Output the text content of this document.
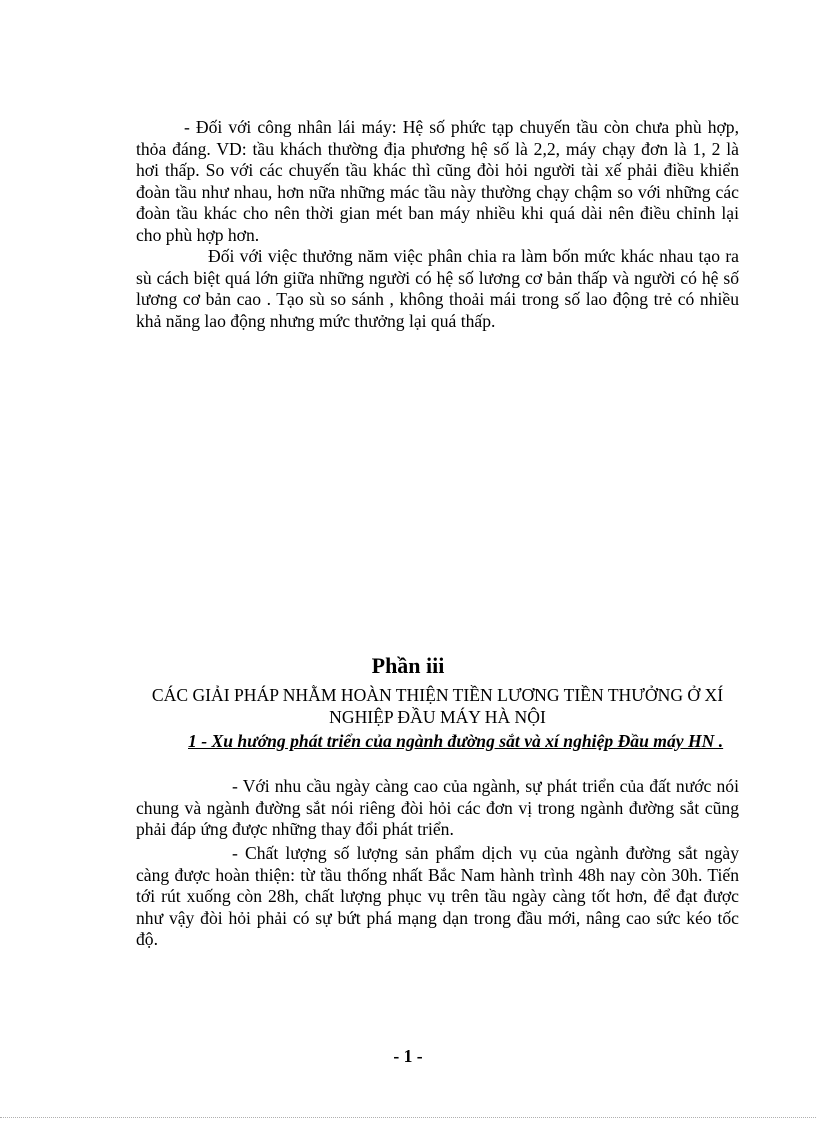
- Đối với công nhân lái máy: Hệ số phức tạp chuyến tầu còn chưa phù hợp, thỏa đáng. VD: tầu khách thường địa phương hệ số là 2,2, máy chạy đơn là 1, 2 là hơi thấp. So với các chuyến tầu khác thì cũng đòi hỏi người tài xế phải điều khiển đoàn tầu như nhau, hơn nữa những mác tầu này thường chạy chậm so với những các đoàn tầu khác cho nên thời gian mét ban máy nhiều khi quá dài nên điều chỉnh lại cho phù hợp hơn.

Đối với việc thưởng năm việc phân chia ra làm bốn mức khác nhau tạo ra sù cách biệt quá lớn giữa những người có hệ số lương cơ bản thấp và người có hệ số lương cơ bản cao . Tạo sù so sánh , không thoải mái trong số lao động trẻ có nhiều khả năng lao động nhưng mức thưởng lại quá thấp.

Phần iii
CÁC GIẢI PHÁP NHẰM HOÀN THIỆN TIỀN LƯƠNG TIỀN THƯỞNG Ở XÍ NGHIỆP ĐẦU MÁY HÀ NỘI
1 - Xu hướng phát triển của ngành đường sắt và xí nghiệp Đầu máy HN .

- Với nhu cầu ngày càng cao của ngành, sự phát triển của đất nước nói chung và ngành đường sắt nói riêng đòi hỏi các đơn vị trong ngành đường sắt cũng phải đáp ứng được những thay đổi phát triển.

- Chất lượng số lượng sản phẩm dịch vụ của ngành đường sắt ngày càng được hoàn thiện: từ tầu thống nhất Bắc Nam hành trình 48h nay còn 30h. Tiến tới rút xuống còn 28h, chất lượng phục vụ trên tầu ngày càng tốt hơn, để đạt được như vậy đòi hỏi phải có sự bứt phá mạng dạn trong đầu mới, nâng cao sức kéo tốc độ.

- 1 -
